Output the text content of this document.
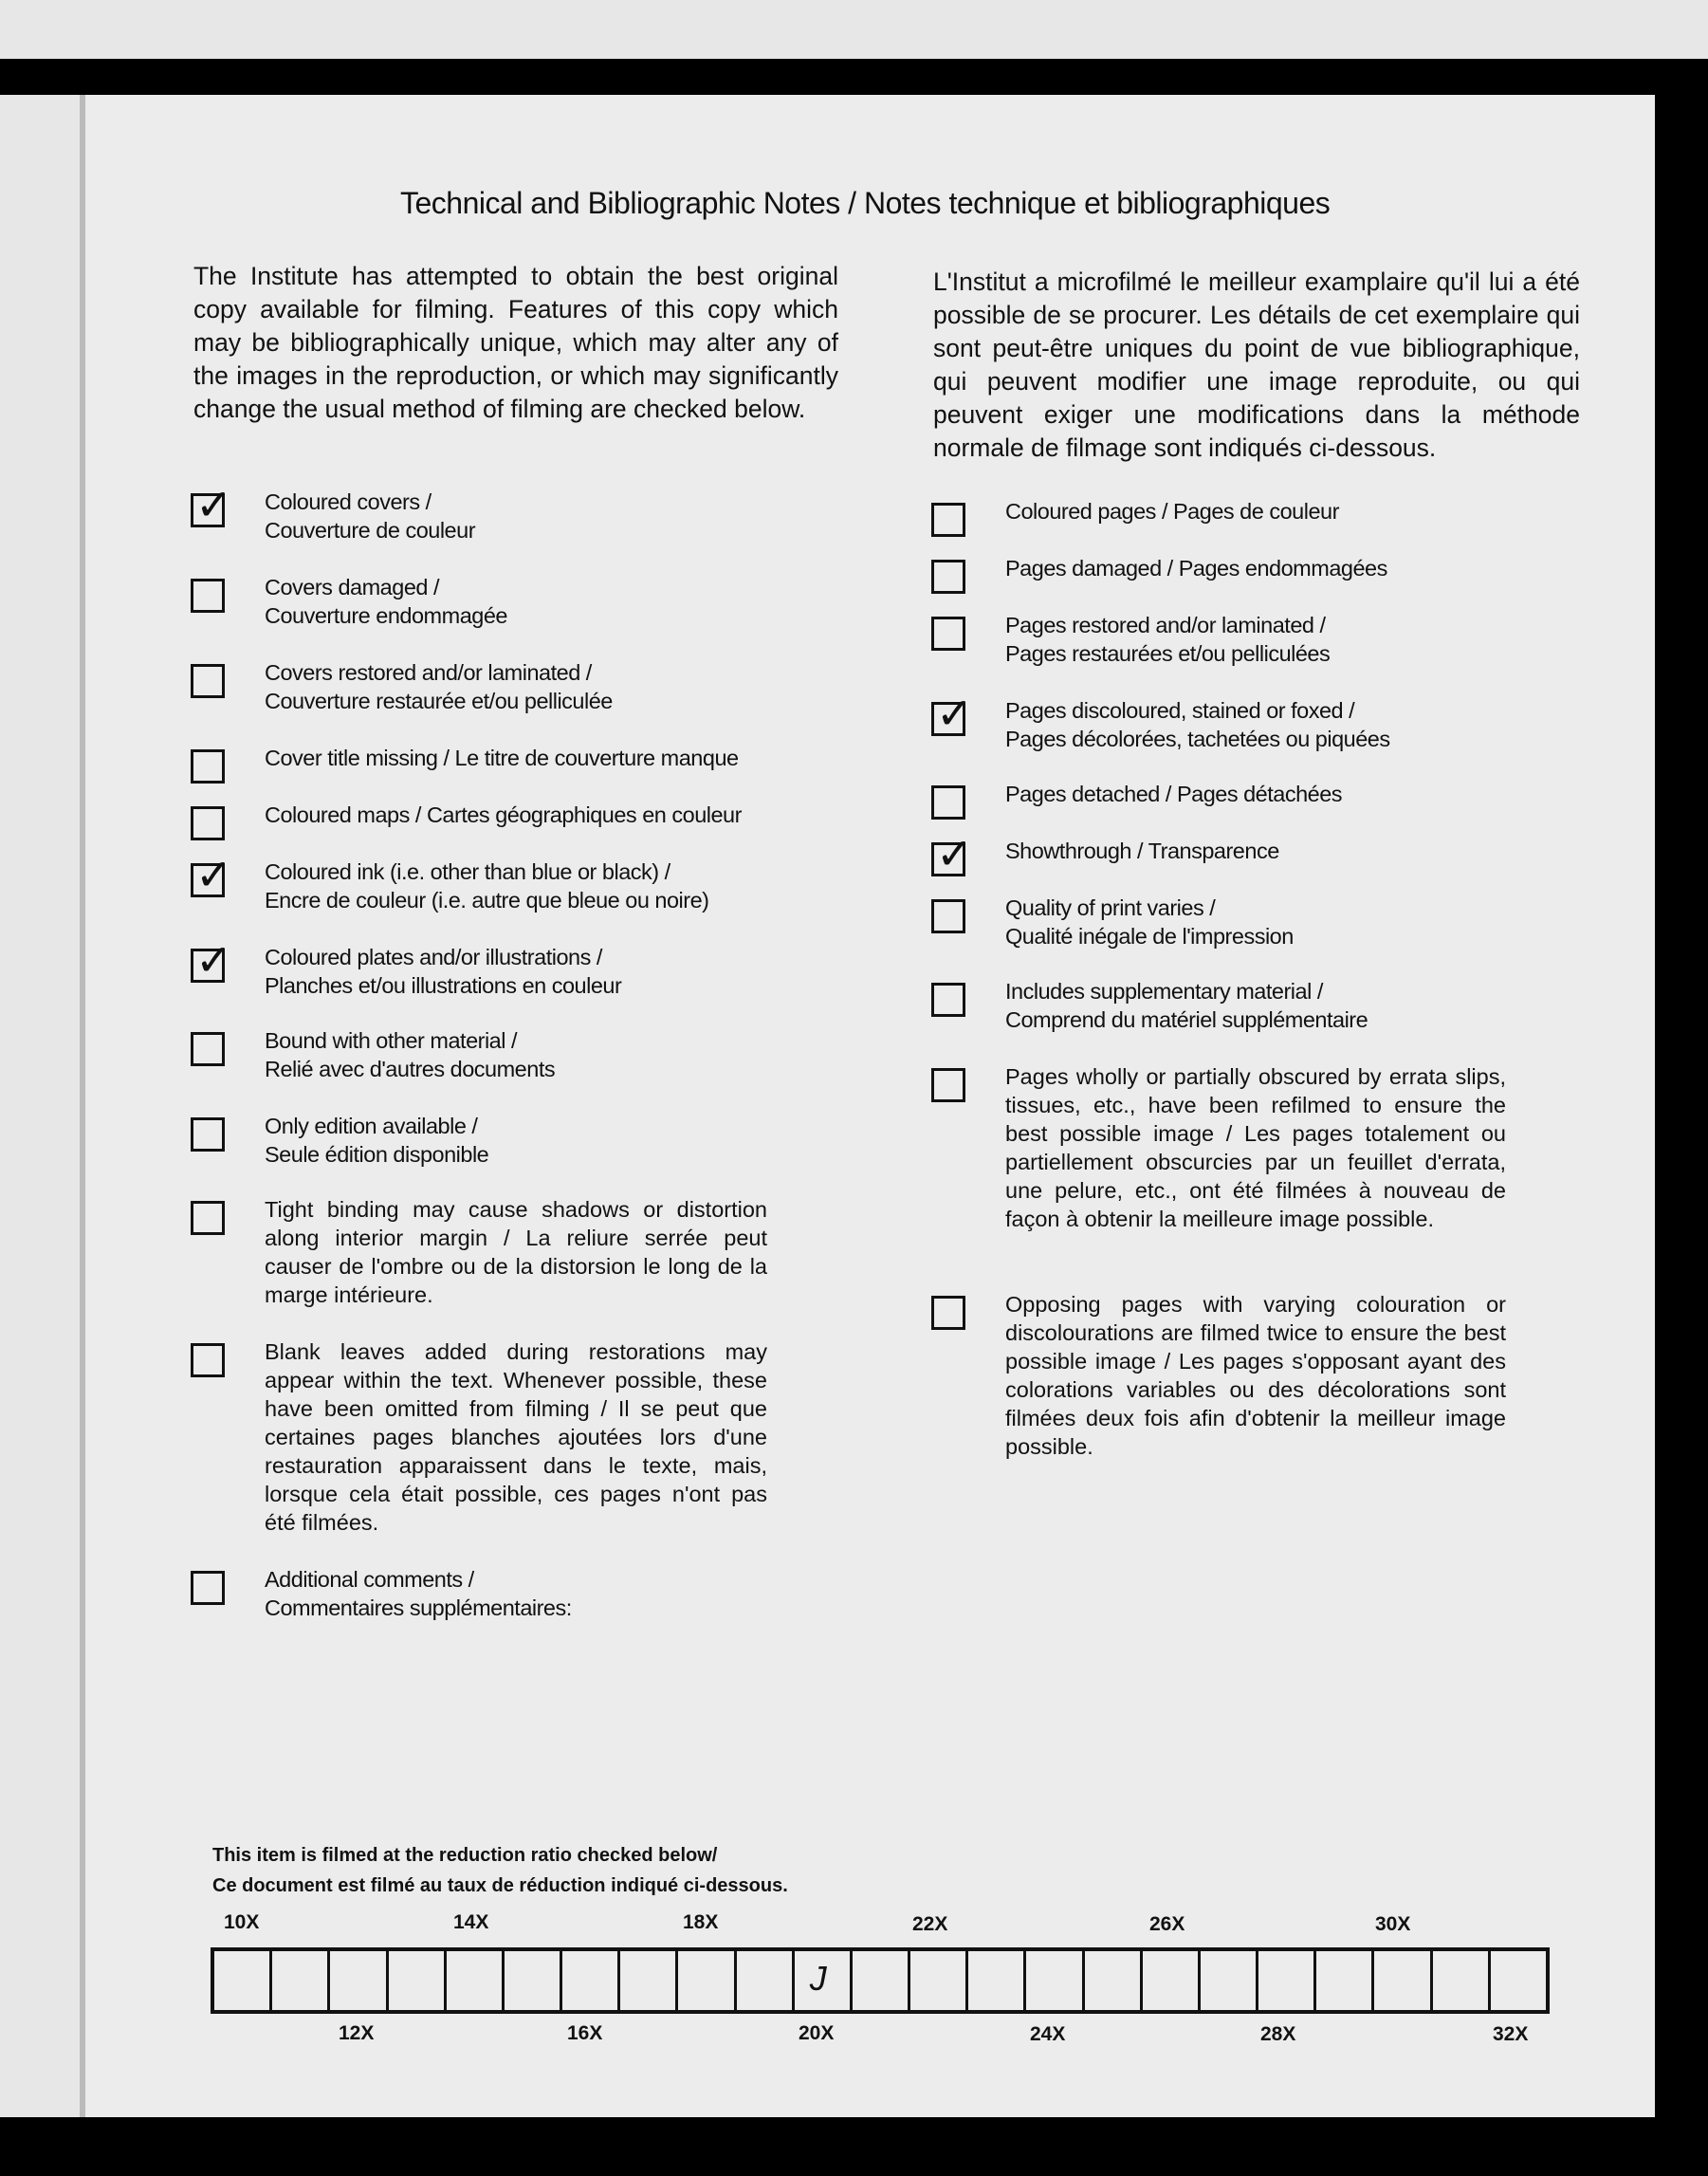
Technical and Bibliographic Notes / Notes technique et bibliographiques

The Institute has attempted to obtain the best original copy available for filming. Features of this copy which may be bibliographically unique, which may alter any of the images in the reproduction, or which may significantly change the usual method of filming are checked below.

L'Institut a microfilmé le meilleur examplaire qu'il lui a été possible de se procurer. Les détails de cet exemplaire qui sont peut-être uniques du point de vue bibliographique, qui peuvent modifier une image reproduite, ou qui peuvent exiger une modifications dans la méthode normale de filmage sont indiqués ci-dessous.

✓ Coloured covers /
Couverture de couleur
Covers damaged /
Couverture endommagée
Covers restored and/or laminated /
Couverture restaurée et/ou pelliculée
Cover title missing / Le titre de couverture manque
Coloured maps / Cartes géographiques en couleur
✓ Coloured ink (i.e. other than blue or black) /
Encre de couleur (i.e. autre que bleue ou noire)
✓ Coloured plates and/or illustrations /
Planches et/ou illustrations en couleur
Bound with other material /
Relié avec d'autres documents
Only edition available /
Seule édition disponible
Tight binding may cause shadows or distortion along interior margin / La reliure serrée peut causer de l'ombre ou de la distorsion le long de la marge intérieure.
Blank leaves added during restorations may appear within the text. Whenever possible, these have been omitted from filming / Il se peut que certaines pages blanches ajoutées lors d'une restauration apparaissent dans le texte, mais, lorsque cela était possible, ces pages n'ont pas été filmées.
Additional comments /
Commentaires supplémentaires:
Coloured pages / Pages de couleur
Pages damaged / Pages endommagées
Pages restored and/or laminated /
Pages restaurées et/ou pelliculées
✓ Pages discoloured, stained or foxed /
Pages décolorées, tachetées ou piquées
Pages detached / Pages détachées
✓ Showthrough / Transparence
Quality of print varies /
Qualité inégale de l'impression
Includes supplementary material /
Comprend du matériel supplémentaire
Pages wholly or partially obscured by errata slips, tissues, etc., have been refilmed to ensure the best possible image / Les pages totalement ou partiellement obscurcies par un feuillet d'errata, une pelure, etc., ont été filmées à nouveau de façon à obtenir la meilleure image possible.
Opposing pages with varying colouration or discolourations are filmed twice to ensure the best possible image / Les pages s'opposant ayant des colorations variables ou des décolorations sont filmées deux fois afin d'obtenir la meilleur image possible.
This item is filmed at the reduction ratio checked below/
Ce document est filmé au taux de réduction indiqué ci-dessous.
10X	14X	18X	22X	26X	30X
J
12X	16X	20X	24X	28X	32X
